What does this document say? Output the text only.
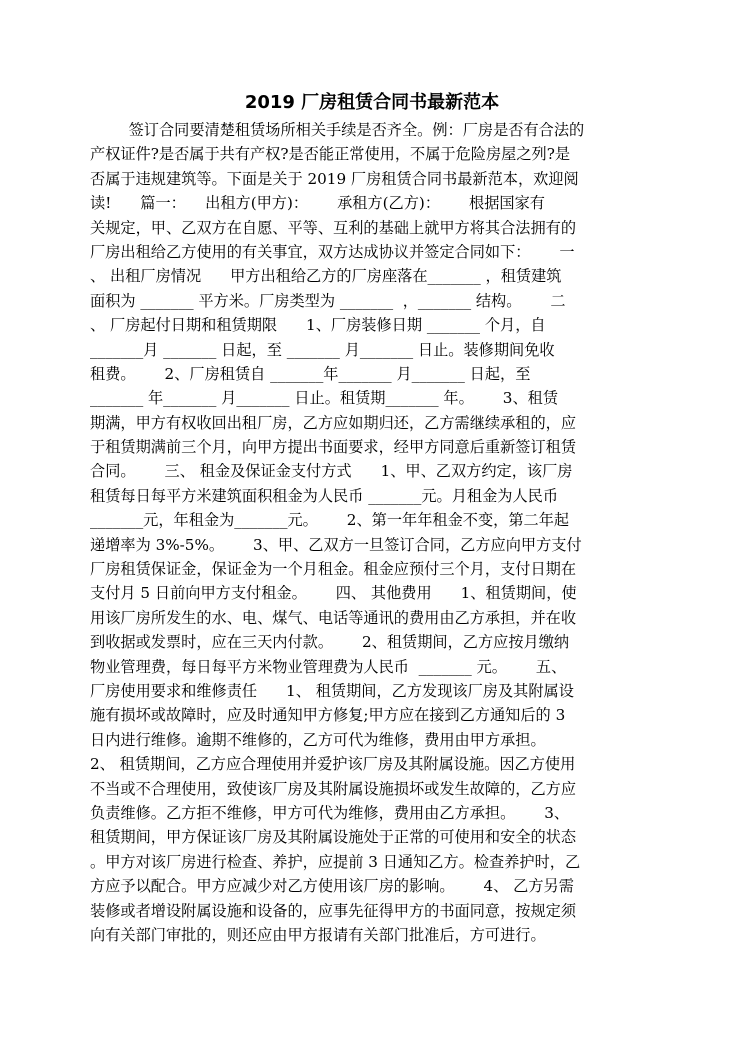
2019 厂房租赁合同书最新范本
签订合同要清楚租赁场所相关手续是否齐全。例：厂房是否有合法的
产权证件?是否属于共有产权?是否能正常使用，不属于危险房屋之列?是
否属于违规建筑等。下面是关于 2019 厂房租赁合同书最新范本，欢迎阅
读!      篇一：    出租方(甲方)：      承租方(乙方)：      根据国家有
关规定，甲、乙双方在自愿、平等、互利的基础上就甲方将其合法拥有的
厂房出租给乙方使用的有关事宜，双方达成协议并签定合同如下：      一
、 出租厂房情况      甲方出租给乙方的厂房座落在_______ ，租赁建筑
面积为 _______ 平方米。厂房类型为 _______  ，_______ 结构。      二
、 厂房起付日期和租赁期限      1、厂房装修日期 _______ 个月，自
_______月 _______ 日起，至 _______ 月_______ 日止。装修期间免收
租费。      2、厂房租赁自 _______年_______ 月_______ 日起，至
_______ 年_______ 月_______ 日止。租赁期_______ 年。      3、租赁
期满，甲方有权收回出租厂房，乙方应如期归还，乙方需继续承租的，应
于租赁期满前三个月，向甲方提出书面要求，经甲方同意后重新签订租赁
合同。      三、 租金及保证金支付方式      1、甲、乙双方约定，该厂房
租赁每日每平方米建筑面积租金为人民币 _______元。月租金为人民币
_______元，年租金为_______元。      2、第一年年租金不变，第二年起
递增率为 3%-5%。      3、甲、乙双方一旦签订合同，乙方应向甲方支付
厂房租赁保证金，保证金为一个月租金。租金应预付三个月，支付日期在
支付月 5 日前向甲方支付租金。      四、 其他费用      1、租赁期间，使
用该厂房所发生的水、电、煤气、电话等通讯的费用由乙方承担，并在收
到收据或发票时，应在三天内付款。      2、租赁期间，乙方应按月缴纳
物业管理费，每日每平方米物业管理费为人民币  _______ 元。      五、
厂房使用要求和维修责任      1、 租赁期间，乙方发现该厂房及其附属设
施有损坏或故障时，应及时通知甲方修复;甲方应在接到乙方通知后的 3
日内进行维修。逾期不维修的，乙方可代为维修，费用由甲方承担。
2、 租赁期间，乙方应合理使用并爱护该厂房及其附属设施。因乙方使用
不当或不合理使用，致使该厂房及其附属设施损坏或发生故障的，乙方应
负责维修。乙方拒不维修，甲方可代为维修，费用由乙方承担。      3、
租赁期间，甲方保证该厂房及其附属设施处于正常的可使用和安全的状态
。甲方对该厂房进行检查、养护，应提前 3 日通知乙方。检查养护时，乙
方应予以配合。甲方应减少对乙方使用该厂房的影响。      4、 乙方另需
装修或者增设附属设施和设备的，应事先征得甲方的书面同意，按规定须
向有关部门审批的，则还应由甲方报请有关部门批准后，方可进行。
